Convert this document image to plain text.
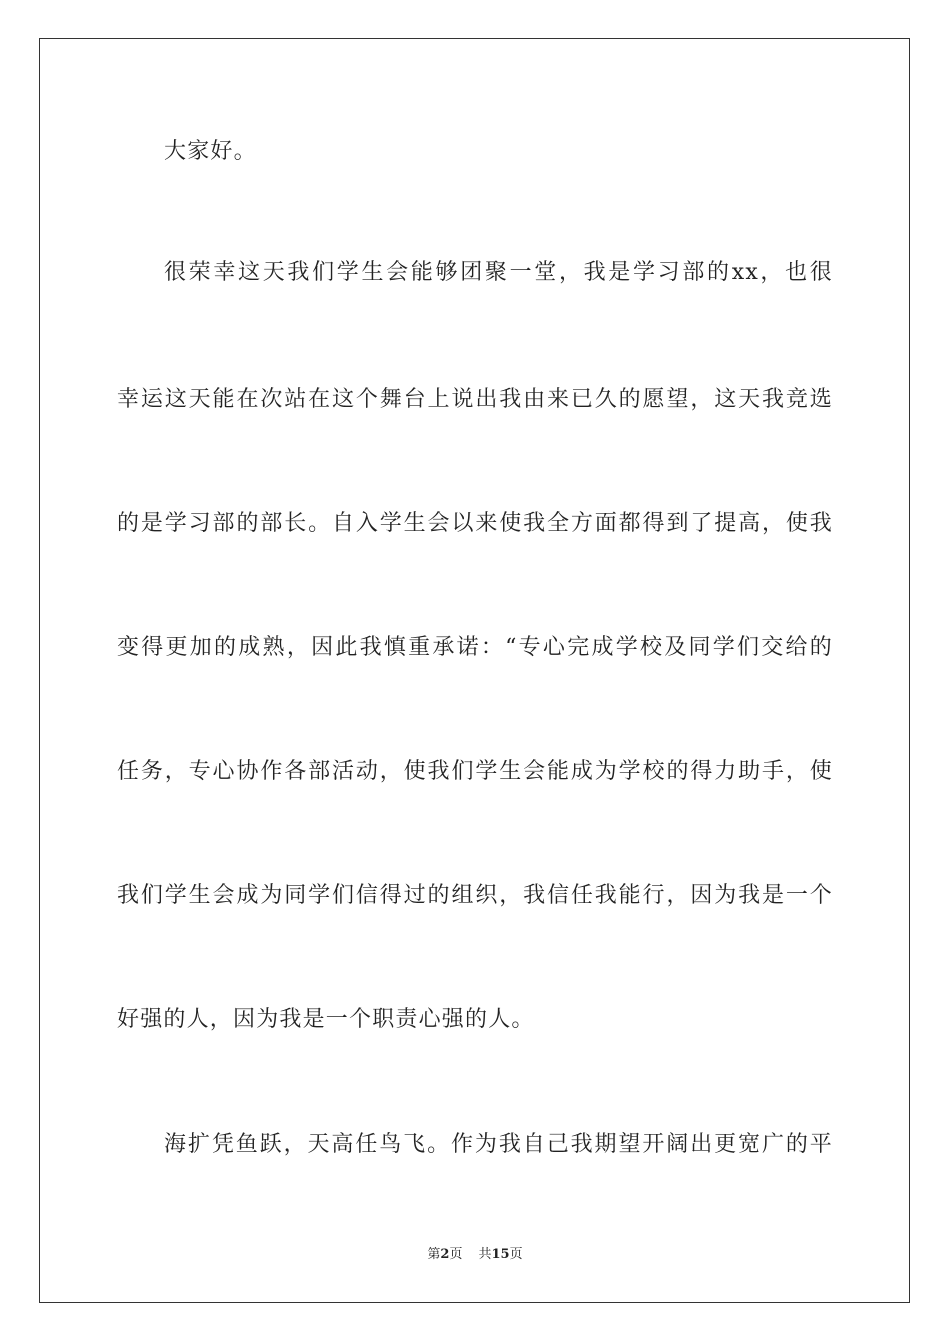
大家好。
很荣幸这天我们学生会能够团聚一堂，我是学习部的xx，也很
幸运这天能在次站在这个舞台上说出我由来已久的愿望，这天我竞选
的是学习部的部长。自入学生会以来使我全方面都得到了提高，使我
变得更加的成熟，因此我慎重承诺：“专心完成学校及同学们交给的
任务，专心协作各部活动，使我们学生会能成为学校的得力助手，使
我们学生会成为同学们信得过的组织，我信任我能行，因为我是一个
好强的人，因为我是一个职责心强的人。
海扩凭鱼跃，天高任鸟飞。作为我自己我期望开阔出更宽广的平
第2页 共15页
